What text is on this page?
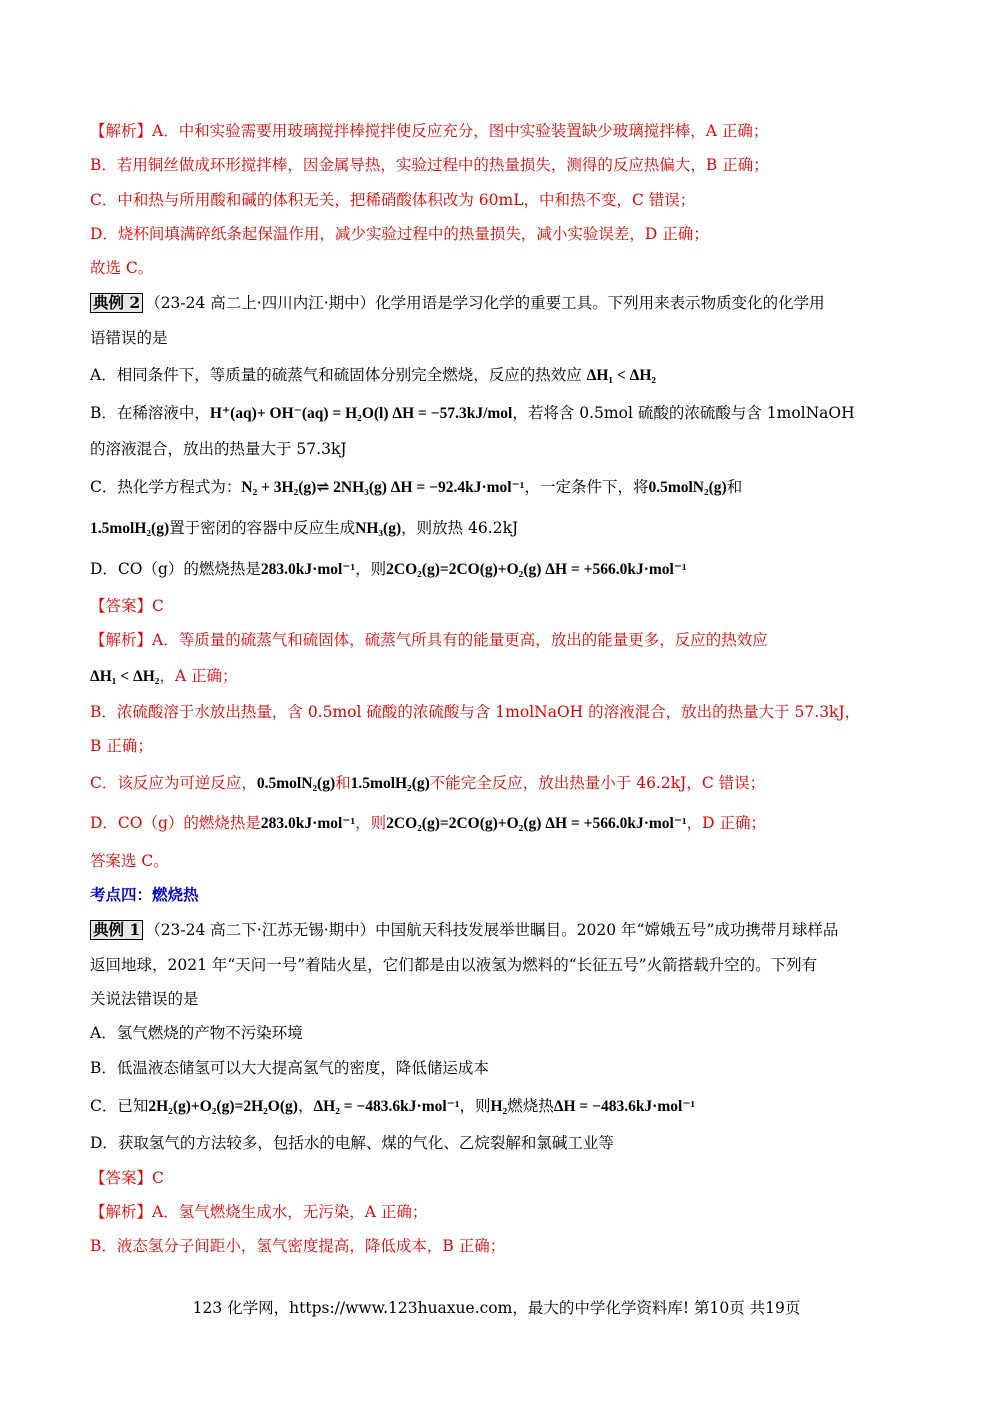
【解析】A．中和实验需要用玻璃搅拌棒搅拌使反应充分，图中实验装置缺少玻璃搅拌棒，A 正确；
B．若用铜丝做成环形搅拌棒，因金属导热，实验过程中的热量损失，测得的反应热偏大，B 正确；
C．中和热与所用酸和碱的体积无关，把稀硝酸体积改为 60mL，中和热不变，C 错误；
D．烧杯间填满碎纸条起保温作用，减少实验过程中的热量损失，减小实验误差，D 正确；
故选 C。
典例 2 （23-24 高二上·四川内江·期中）化学用语是学习化学的重要工具。下列用来表示物质变化的化学用
语错误的是
A．相同条件下，等质量的硫蒸气和硫固体分别完全燃烧，反应的热效应 ΔH₁ < ΔH₂
B．在稀溶液中，H⁺(aq)+ OH⁻(aq) = H₂O(l) ΔH = −57.3kJ/mol，若将含 0.5mol 硫酸的浓硫酸与含 1molNaOH
的溶液混合，放出的热量大于 57.3kJ
C．热化学方程式为：N₂ + 3H₂(g)⇌ 2NH₃(g) ΔH = −92.4kJ·mol⁻¹，一定条件下，将0.5molN₂(g)和
1.5molH₂(g)置于密闭的容器中反应生成NH₃(g)，则放热 46.2kJ
D．CO（g）的燃烧热是283.0kJ·mol⁻¹，则2CO₂(g)=2CO(g)+O₂(g) ΔH = +566.0kJ·mol⁻¹
【答案】C
【解析】A．等质量的硫蒸气和硫固体，硫蒸气所具有的能量更高，放出的能量更多，反应的热效应
ΔH₁ < ΔH₂，A 正确；
B．浓硫酸溶于水放出热量，含 0.5mol 硫酸的浓硫酸与含 1molNaOH 的溶液混合，放出的热量大于 57.3kJ，
B 正确；
C．该反应为可逆反应，0.5molN₂(g)和1.5molH₂(g)不能完全反应，放出热量小于 46.2kJ，C 错误；
D．CO（g）的燃烧热是283.0kJ·mol⁻¹，则2CO₂(g)=2CO(g)+O₂(g) ΔH = +566.0kJ·mol⁻¹，D 正确；
答案选 C。
考点四：燃烧热
典例 1 （23-24 高二下·江苏无锡·期中）中国航天科技发展举世瞩目。2020 年“嫦娥五号”成功携带月球样品
返回地球，2021 年“天问一号”着陆火星，它们都是由以液氢为燃料的“长征五号”火箭搭载升空的。下列有
关说法错误的是
A．氢气燃烧的产物不污染环境
B．低温液态储氢可以大大提高氢气的密度，降低储运成本
C．已知2H₂(g)+O₂(g)=2H₂O(g)，ΔH₂ = −483.6kJ·mol⁻¹，则H₂燃烧热ΔH = −483.6kJ·mol⁻¹
D．获取氢气的方法较多，包括水的电解、煤的气化、乙烷裂解和氯碱工业等
【答案】C
【解析】A．氢气燃烧生成水，无污染，A 正确；
B．液态氢分子间距小，氢气密度提高，降低成本，B 正确；
123 化学网，https://www.123huaxue.com，最大的中学化学资料库! 第10页 共19页
